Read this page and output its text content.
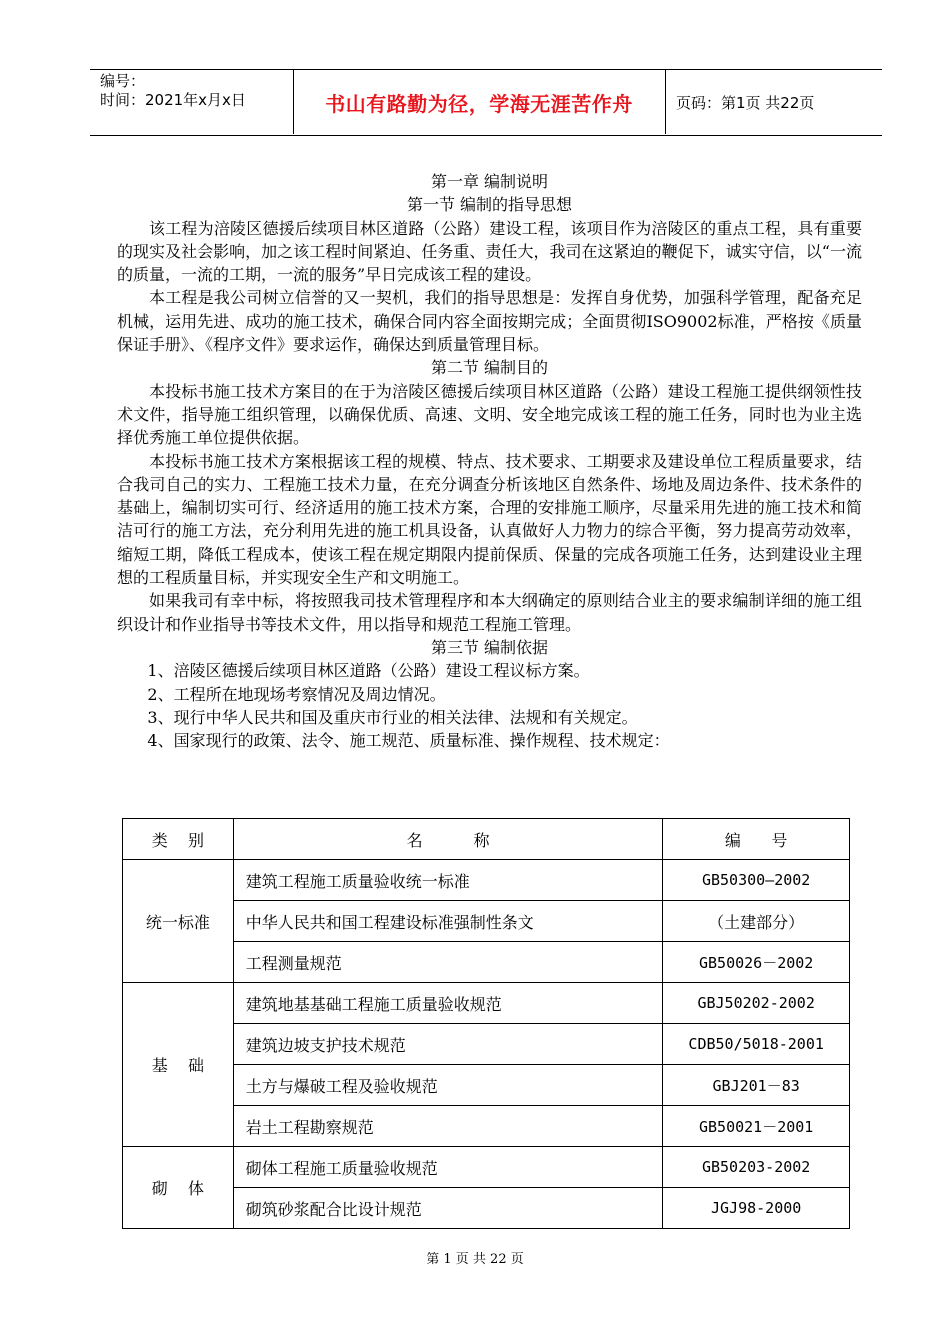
编号：
时间：2021年x月x日	书山有路勤为径，学海无涯苦作舟	页码：第1页 共22页
第一章 编制说明
第一节 编制的指导思想

该工程为涪陵区德援后续项目林区道路（公路）建设工程，该项目作为涪陵区的重点工程，具有重要的现实及社会影响，加之该工程时间紧迫、任务重、责任大，我司在这紧迫的鞭促下，诚实守信，以“一流的质量，一流的工期，一流的服务”早日完成该工程的建设。

本工程是我公司树立信誉的又一契机，我们的指导思想是：发挥自身优势，加强科学管理，配备充足机械，运用先进、成功的施工技术，确保合同内容全面按期完成；全面贯彻ISO9002标准，严格按《质量保证手册》、《程序文件》要求运作，确保达到质量管理目标。

第二节 编制目的

本投标书施工技术方案目的在于为涪陵区德援后续项目林区道路（公路）建设工程施工提供纲领性技术文件，指导施工组织管理，以确保优质、高速、文明、安全地完成该工程的施工任务，同时也为业主选择优秀施工单位提供依据。

本投标书施工技术方案根据该工程的规模、特点、技术要求、工期要求及建设单位工程质量要求，结合我司自己的实力、工程施工技术力量，在充分调查分析该地区自然条件、场地及周边条件、技术条件的基础上，编制切实可行、经济适用的施工技术方案，合理的安排施工顺序，尽量采用先进的施工技术和简洁可行的施工方法，充分利用先进的施工机具设备，认真做好人力物力的综合平衡，努力提高劳动效率，缩短工期，降低工程成本，使该工程在规定期限内提前保质、保量的完成各项施工任务，达到建设业主理想的工程质量目标，并实现安全生产和文明施工。

如果我司有幸中标，将按照我司技术管理程序和本大纲确定的原则结合业主的要求编制详细的施工组织设计和作业指导书等技术文件，用以指导和规范工程施工管理。

第三节 编制依据
1、涪陵区德援后续项目林区道路（公路）建设工程议标方案。
2、工程所在地现场考察情况及周边情况。
3、现行中华人民共和国及重庆市行业的相关法律、法规和有关规定。
4、国家现行的政策、法令、施工规范、质量标准、操作规程、技术规定：
类    别	名          称	编      号
统一标准	建筑工程施工质量验收统一标准	GB50300—2002
	中华人民共和国工程建设标准强制性条文	（土建部分）
	工程测量规范	GB50026－2002
基    础	建筑地基基础工程施工质量验收规范	GBJ50202-2002
	建筑边坡支护技术规范	CDB50/5018-2001
	土方与爆破工程及验收规范	GBJ201－83
	岩土工程勘察规范	GB50021－2001
砌    体	砌体工程施工质量验收规范	GB50203-2002
	砌筑砂浆配合比设计规范	JGJ98-2000
第 1 页 共 22 页
